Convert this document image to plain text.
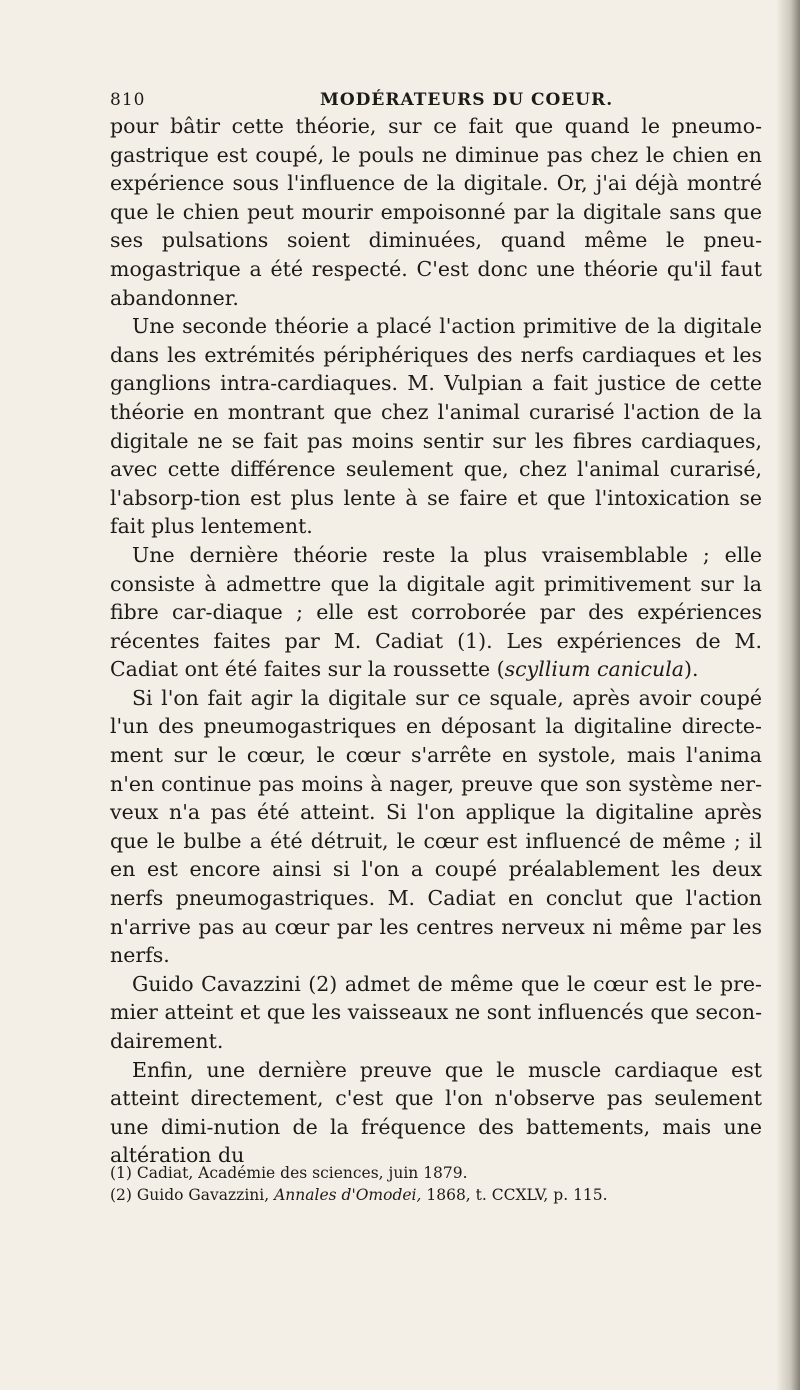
810	MODÉRATEURS DU COEUR.

pour bâtir cette théorie, sur ce fait que quand le pneumo-gastrique est coupé, le pouls ne diminue pas chez le chien en expérience sous l'influence de la digitale. Or, j'ai déjà montré que le chien peut mourir empoisonné par la digitale sans que ses pulsations soient diminuées, quand même le pneu-mogastrique a été respecté. C'est donc une théorie qu'il faut abandonner.

Une seconde théorie a placé l'action primitive de la digitale dans les extrémités périphériques des nerfs cardiaques et les ganglions intra-cardiaques. M. Vulpian a fait justice de cette théorie en montrant que chez l'animal curarisé l'action de la digitale ne se fait pas moins sentir sur les fibres cardiaques, avec cette différence seulement que, chez l'animal curarisé, l'absorp-tion est plus lente à se faire et que l'intoxication se fait plus lentement.

Une dernière théorie reste la plus vraisemblable ; elle consiste à admettre que la digitale agit primitivement sur la fibre car-diaque ; elle est corroborée par des expériences récentes faites par M. Cadiat (1). Les expériences de M. Cadiat ont été faites sur la roussette (scyllium canicula).

Si l'on fait agir la digitale sur ce squale, après avoir coupé l'un des pneumogastriques en déposant la digitaline directe-ment sur le cœur, le cœur s'arrête en systole, mais l'anima n'en continue pas moins à nager, preuve que son système ner-veux n'a pas été atteint. Si l'on applique la digitaline après que le bulbe a été détruit, le cœur est influencé de même ; il en est encore ainsi si l'on a coupé préalablement les deux nerfs pneumogastriques. M. Cadiat en conclut que l'action n'arrive pas au cœur par les centres nerveux ni même par les nerfs.

Guido Cavazzini (2) admet de même que le cœur est le pre-mier atteint et que les vaisseaux ne sont influencés que secon-dairement.

Enfin, une dernière preuve que le muscle cardiaque est atteint directement, c'est que l'on n'observe pas seulement une dimi-nution de la fréquence des battements, mais une altération du

(1) Cadiat, Académie des sciences, juin 1879.

(2) Guido Gavazzini, Annales d'Omodei, 1868, t. CCXLV, p. 115.
